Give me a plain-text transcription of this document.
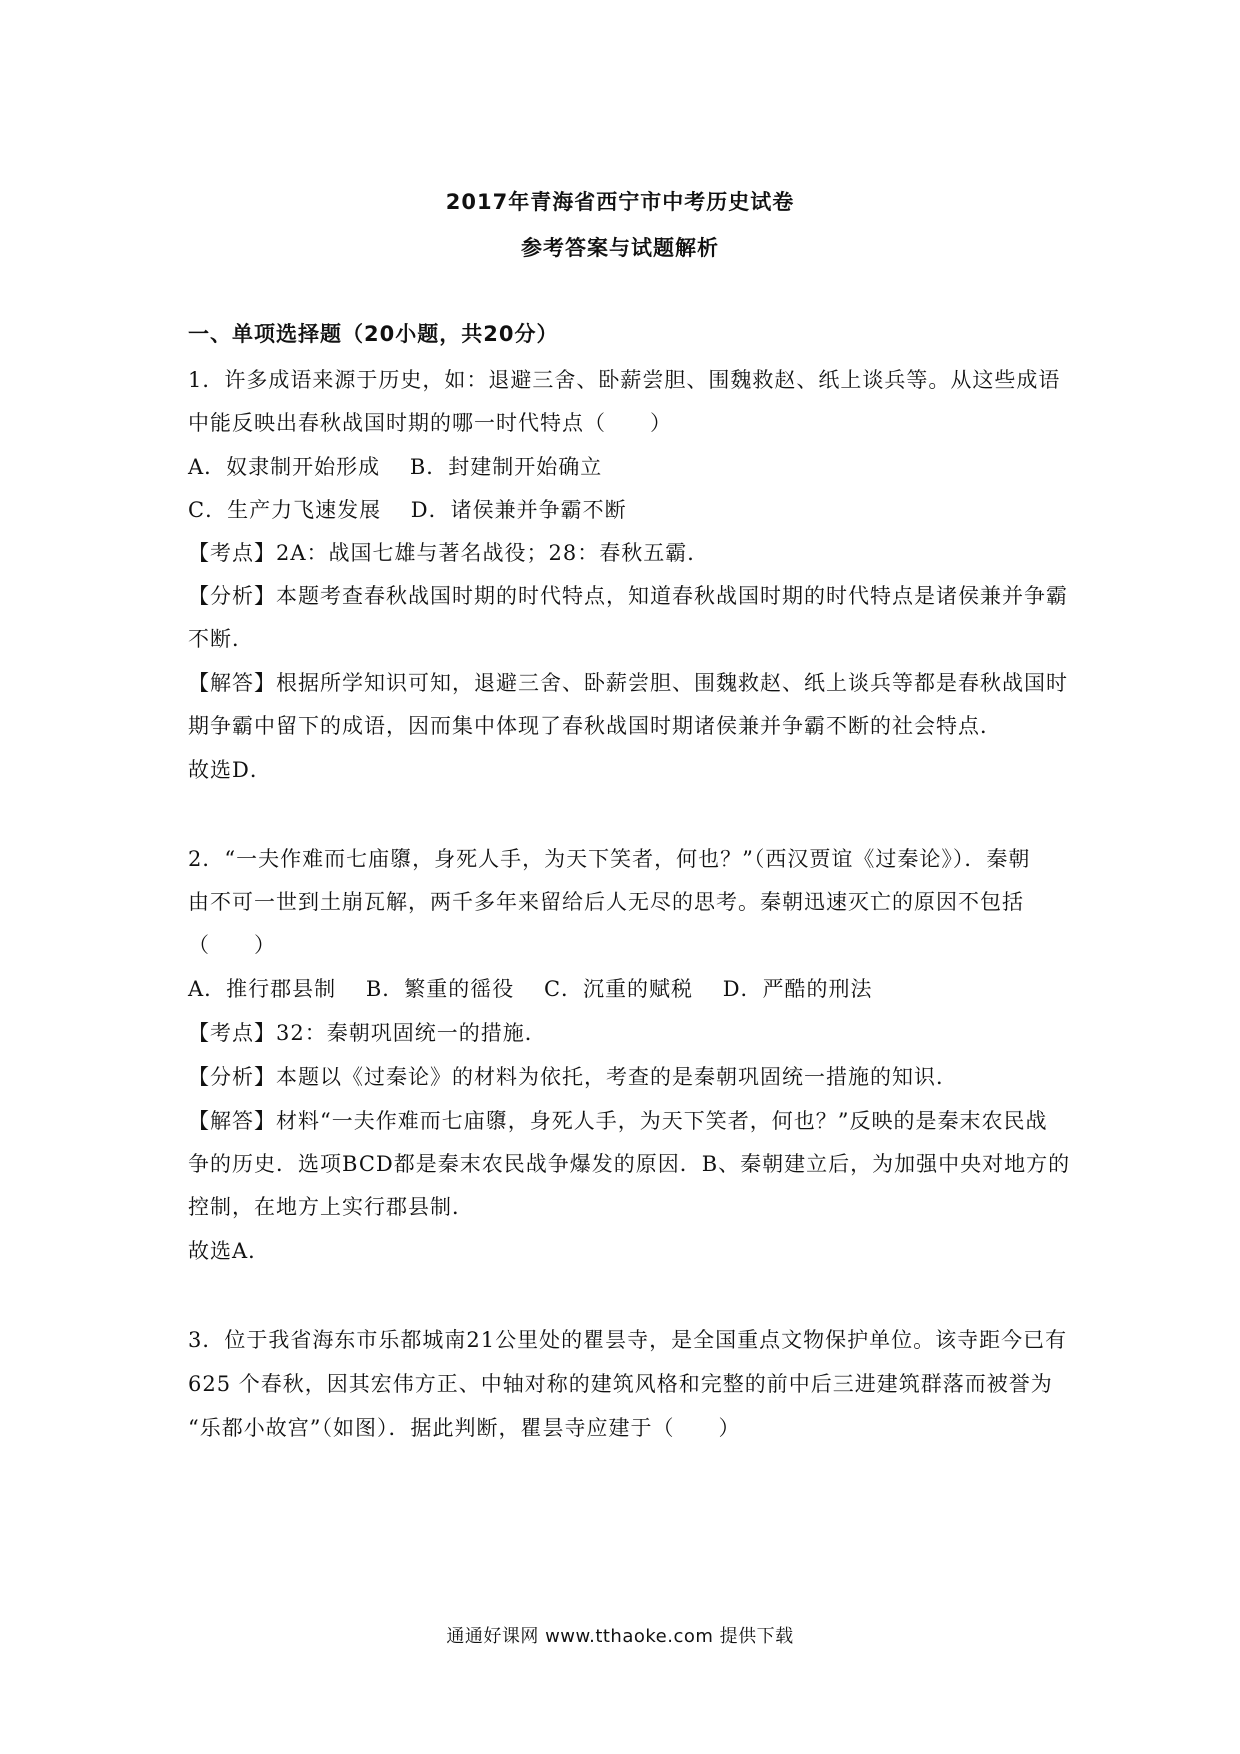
2017年青海省西宁市中考历史试卷
参考答案与试题解析
一、单项选择题（20小题，共20分）
1．许多成语来源于历史，如：退避三舍、卧薪尝胆、围魏救赵、纸上谈兵等。从这些成语
中能反映出春秋战国时期的哪一时代特点（　　）
A．奴隶制开始形成　 B．封建制开始确立
C．生产力飞速发展　 D．诸侯兼并争霸不断
【考点】2A：战国七雄与著名战役；28：春秋五霸．
【分析】本题考查春秋战国时期的时代特点，知道春秋战国时期的时代特点是诸侯兼并争霸
不断．
【解答】根据所学知识可知，退避三舍、卧薪尝胆、围魏救赵、纸上谈兵等都是春秋战国时
期争霸中留下的成语，因而集中体现了春秋战国时期诸侯兼并争霸不断的社会特点．
故选D．
2．“一夫作难而七庙隳，身死人手，为天下笑者，何也？”（西汉贾谊《过秦论》）．秦朝
由不可一世到土崩瓦解，两千多年来留给后人无尽的思考。秦朝迅速灭亡的原因不包括
（　　）
A．推行郡县制　 B．繁重的徭役　 C．沉重的赋税　 D．严酷的刑法
【考点】32：秦朝巩固统一的措施．
【分析】本题以《过秦论》的材料为依托，考查的是秦朝巩固统一措施的知识．
【解答】材料“一夫作难而七庙隳，身死人手，为天下笑者，何也？”反映的是秦末农民战
争的历史．选项BCD都是秦末农民战争爆发的原因．B、秦朝建立后，为加强中央对地方的
控制，在地方上实行郡县制．
故选A．
3．位于我省海东市乐都城南21公里处的瞿昙寺，是全国重点文物保护单位。该寺距今已有
625 个春秋，因其宏伟方正、中轴对称的建筑风格和完整的前中后三进建筑群落而被誉为
“乐都小故宫”（如图）．据此判断，瞿昙寺应建于（　　）
通通好课网 www.tthaoke.com 提供下载
